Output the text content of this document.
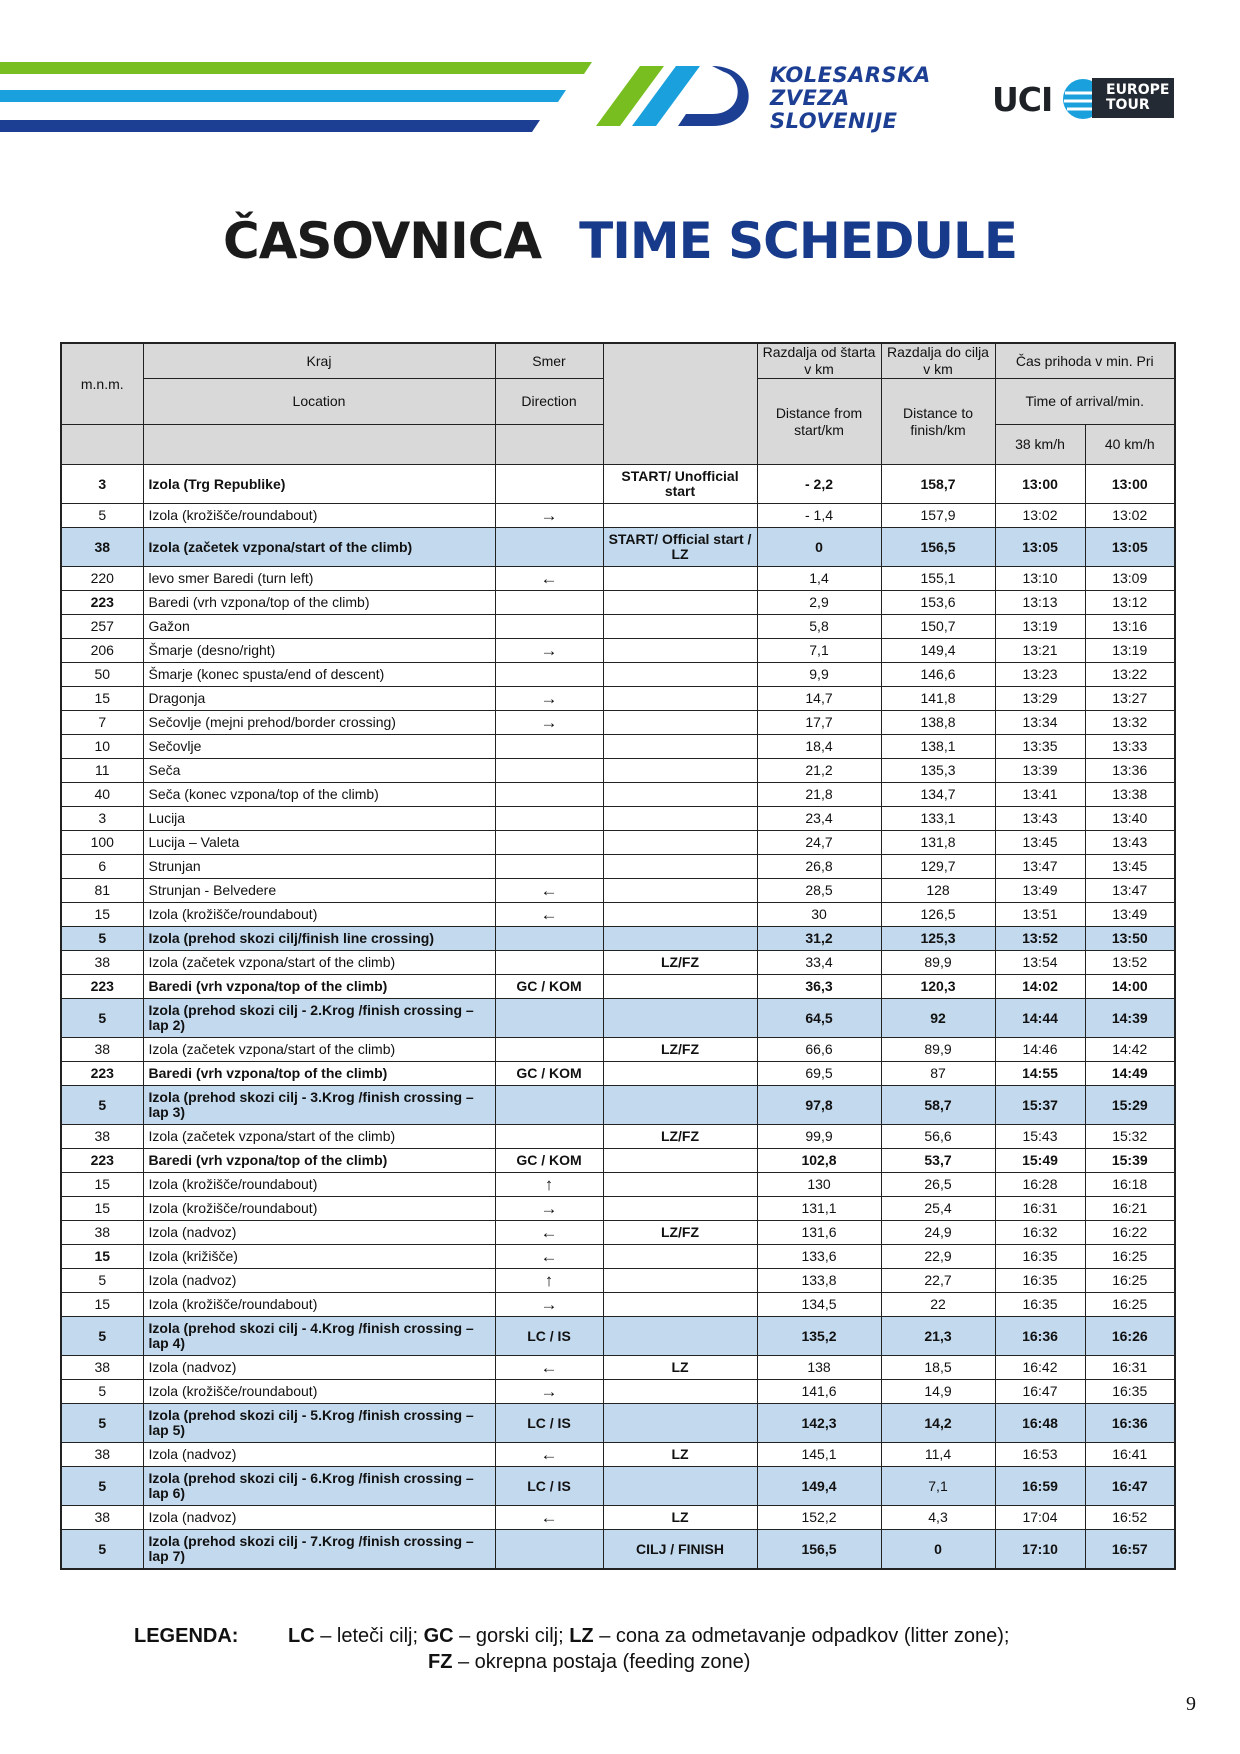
KOLESARSKA
ZVEZA
SLOVENIJE
UCI	EUROPE
TOUR
ČASOVNICA TIME SCHEDULE
m.n.m.	Kraj	Smer		Razdalja od štarta v km	Razdalja do cilja v km	Čas prihoda v min. Pri	
	Location	Direction		Distance from start/km	Distance to finish/km	Time of arrival/min.	
						38 km/h	40 km/h
3	Izola (Trg Republike)		START/ Unofficial start	- 2,2	158,7	13:00	13:00
5	Izola (krožišče/roundabout)	→		- 1,4	157,9	13:02	13:02
38	Izola (začetek vzpona/start of the climb)		START/ Official start / LZ	0	156,5	13:05	13:05
220	levo smer Baredi (turn left)	←		1,4	155,1	13:10	13:09
223	Baredi (vrh vzpona/top of the climb)			2,9	153,6	13:13	13:12
257	Gažon			5,8	150,7	13:19	13:16
206	Šmarje (desno/right)	→		7,1	149,4	13:21	13:19
50	Šmarje (konec spusta/end of descent)			9,9	146,6	13:23	13:22
15	Dragonja	→		14,7	141,8	13:29	13:27
7	Sečovlje (mejni prehod/border crossing)	→		17,7	138,8	13:34	13:32
10	Sečovlje			18,4	138,1	13:35	13:33
11	Seča			21,2	135,3	13:39	13:36
40	Seča (konec vzpona/top of the climb)			21,8	134,7	13:41	13:38
3	Lucija			23,4	133,1	13:43	13:40
100	Lucija – Valeta			24,7	131,8	13:45	13:43
6	Strunjan			26,8	129,7	13:47	13:45
81	Strunjan - Belvedere	←		28,5	128	13:49	13:47
15	Izola (krožišče/roundabout)	←		30	126,5	13:51	13:49
5	Izola (prehod skozi cilj/finish line crossing)			31,2	125,3	13:52	13:50
38	Izola (začetek vzpona/start of the climb)		LZ/FZ	33,4	89,9	13:54	13:52
223	Baredi (vrh vzpona/top of the climb)	GC / KOM		36,3	120,3	14:02	14:00
5	Izola (prehod skozi cilj - 2.Krog /finish crossing – lap 2)			64,5	92	14:44	14:39
38	Izola (začetek vzpona/start of the climb)		LZ/FZ	66,6	89,9	14:46	14:42
223	Baredi (vrh vzpona/top of the climb)	GC / KOM		69,5	87	14:55	14:49
5	Izola (prehod skozi cilj - 3.Krog /finish crossing – lap 3)			97,8	58,7	15:37	15:29
38	Izola (začetek vzpona/start of the climb)		LZ/FZ	99,9	56,6	15:43	15:32
223	Baredi (vrh vzpona/top of the climb)	GC / KOM		102,8	53,7	15:49	15:39
15	Izola (krožišče/roundabout)	↑		130	26,5	16:28	16:18
15	Izola (krožišče/roundabout)	→		131,1	25,4	16:31	16:21
38	Izola (nadvoz)	←	LZ/FZ	131,6	24,9	16:32	16:22
15	Izola (križišče)	←		133,6	22,9	16:35	16:25
5	Izola (nadvoz)	↑		133,8	22,7	16:35	16:25
15	Izola (krožišče/roundabout)	→		134,5	22	16:35	16:25
5	Izola (prehod skozi cilj - 4.Krog /finish crossing – lap 4)	LC / IS		135,2	21,3	16:36	16:26
38	Izola (nadvoz)	←	LZ	138	18,5	16:42	16:31
5	Izola (krožišče/roundabout)	→		141,6	14,9	16:47	16:35
5	Izola (prehod skozi cilj - 5.Krog /finish crossing – lap 5)	LC / IS		142,3	14,2	16:48	16:36
38	Izola (nadvoz)	←	LZ	145,1	11,4	16:53	16:41
5	Izola (prehod skozi cilj - 6.Krog /finish crossing – lap 6)	LC / IS		149,4	7,1	16:59	16:47
38	Izola (nadvoz)	←	LZ	152,2	4,3	17:04	16:52
5	Izola (prehod skozi cilj - 7.Krog /finish crossing – lap 7)		CILJ / FINISH	156,5	0	17:10	16:57
LEGENDA: LC – leteči cilj; GC – gorski cilj; LZ – cona za odmetavanje odpadkov (litter zone);
FZ – okrepna postaja (feeding zone)
9
